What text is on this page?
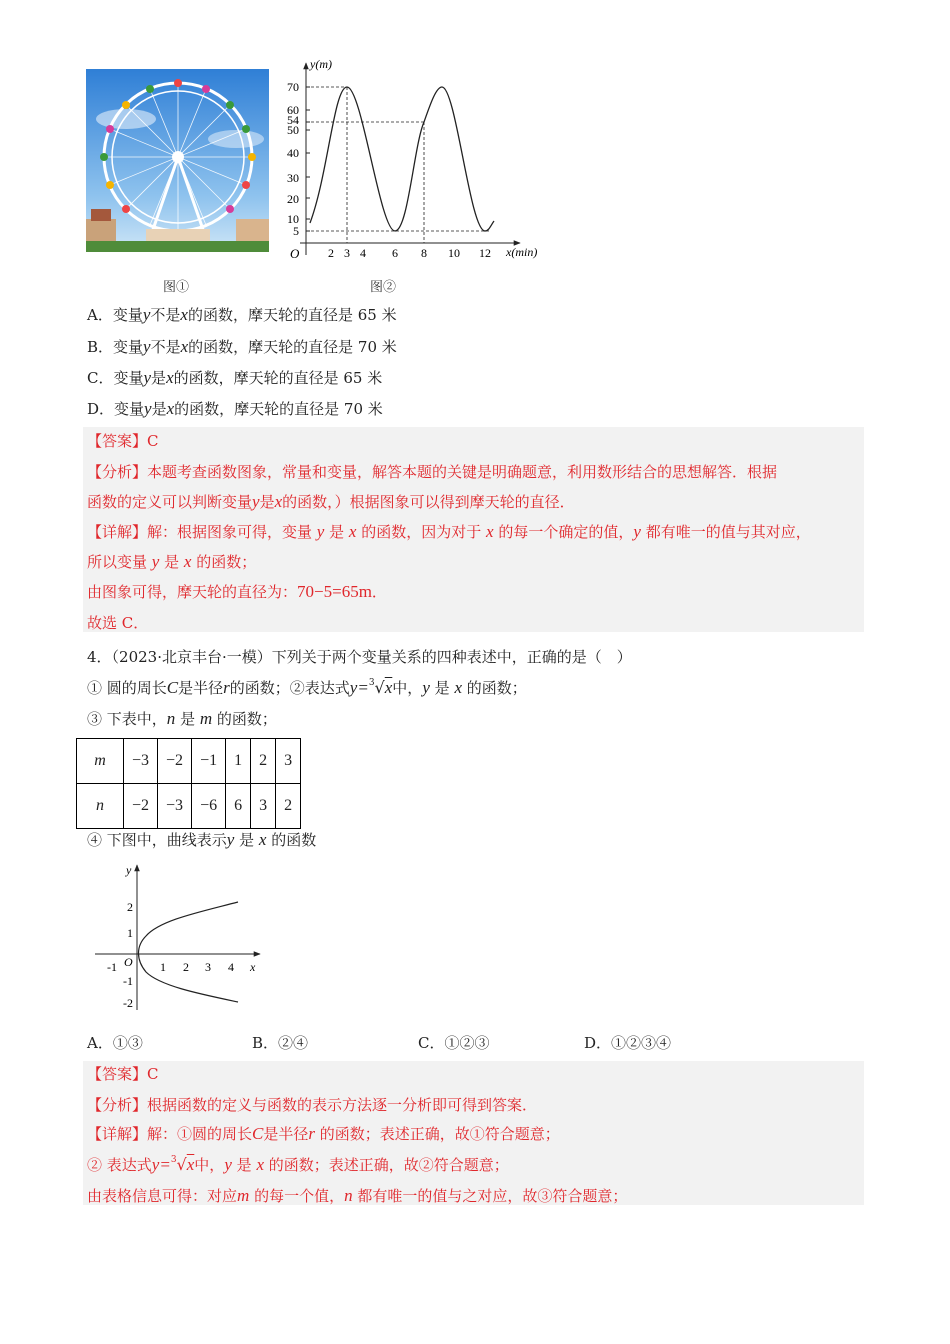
图①
y(m)
x(min)
O
5
10
20
30
40
50
54
60
70
2 3 4 6 8 10 12
图②
A．变量y不是x的函数，摩天轮的直径是 65 米
B．变量y不是x的函数，摩天轮的直径是 70 米
C．变量y是x的函数，摩天轮的直径是 65 米
D．变量y是x的函数，摩天轮的直径是 70 米
【答案】C
【分析】本题考查函数图象，常量和变量，解答本题的关键是明确题意，利用数形结合的思想解答．根据
函数的定义可以判断变量y是x的函数，）根据图象可以得到摩天轮的直径．
【详解】解：根据图象可得，变量 y 是 x 的函数，因为对于 x 的每一个确定的值，y 都有唯一的值与其对应，
所以变量 y 是 x 的函数；
由图象可得，摩天轮的直径为：70−5=65m．
故选 C．
4．（2023·北京丰台·一模）下列关于两个变量关系的四种表述中，正确的是（　）
① 圆的周长C是半径r的函数；②表达式y=$^3$√x中，y 是 x 的函数；
③ 下表中，n 是 m 的函数；
m	−3	−2	−1	1	2	3
n	−2	−3	−6	6	3	2
④ 下图中，曲线表示y 是 x 的函数
y
x
O
-1	1 2 3 4
2
1
-1
-2
A．①③	B．②④	C．①②③	D．①②③④
【答案】C
【分析】根据函数的定义与函数的表示方法逐一分析即可得到答案．
【详解】解：①圆的周长C是半径r 的函数；表述正确，故①符合题意；
② 表达式y=$^3$√x中，y 是 x 的函数；表述正确，故②符合题意；
由表格信息可得：对应m 的每一个值，n 都有唯一的值与之对应，故③符合题意；
